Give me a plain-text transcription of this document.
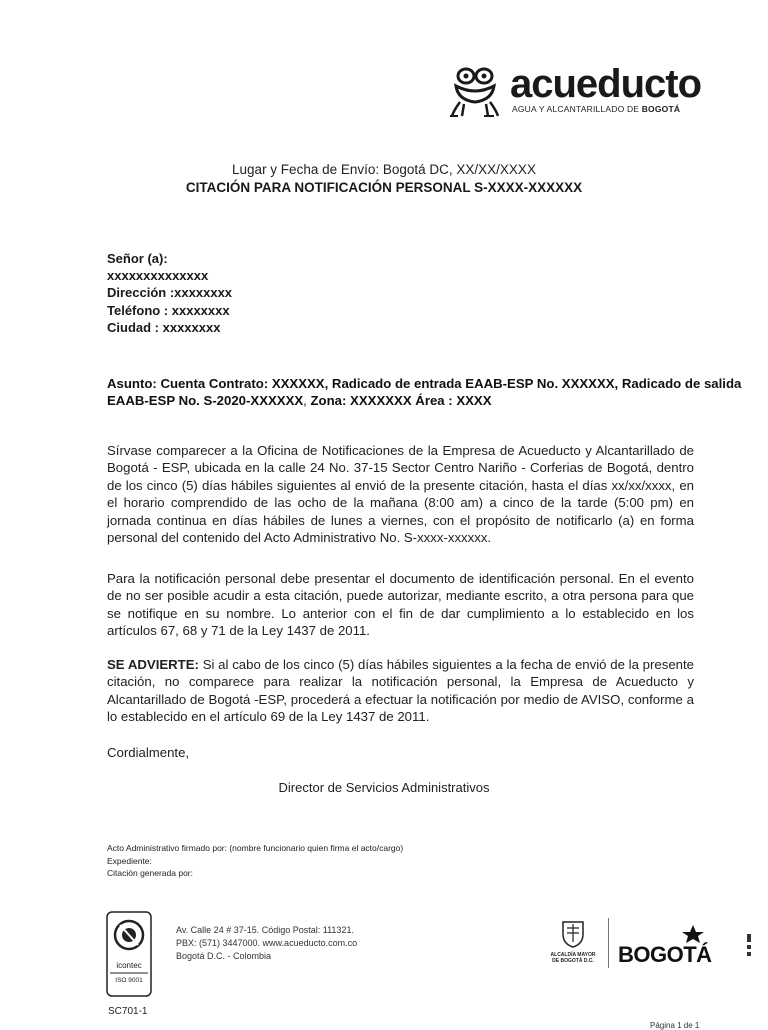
acueducto
AGUA Y ALCANTARILLADO DE BOGOTÁ
Lugar y Fecha de Envío: Bogotá DC, XX/XX/XXXX
CITACIÓN PARA NOTIFICACIÓN PERSONAL S-XXXX-XXXXXX
Señor (a):
xxxxxxxxxxxxxx
Dirección :xxxxxxxx
Teléfono : xxxxxxxx
Ciudad : xxxxxxxx
Asunto: Cuenta Contrato: XXXXXX, Radicado de entrada EAAB-ESP No. XXXXXX, Radicado de salida
EAAB-ESP No. S-2020-XXXXXX, Zona: XXXXXXX Área : XXXX
Sírvase comparecer a la Oficina de Notificaciones de la Empresa de Acueducto y Alcantarillado de Bogotá - ESP, ubicada en la calle 24 No. 37-15 Sector Centro Nariño - Corferias de Bogotá, dentro de los cinco (5) días hábiles siguientes al envió de la presente citación, hasta el días xx/xx/xxxx, en el horario comprendido de las ocho de la mañana (8:00 am) a cinco de la tarde (5:00 pm) en jornada continua en días hábiles de lunes a viernes, con el propósito de notificarlo (a) en forma personal del contenido del Acto Administrativo No. S-xxxx-xxxxxx.
Para la notificación personal debe presentar el documento de identificación personal. En el evento de no ser posible acudir a esta citación, puede autorizar, mediante escrito, a otra persona para que se notifique en su nombre. Lo anterior con el fin de dar cumplimiento a lo establecido en los artículos 67, 68 y 71 de la Ley 1437 de 2011.
SE ADVIERTE: Si al cabo de los cinco (5) días hábiles siguientes a la fecha de envió de la presente citación, no comparece para realizar la notificación personal, la Empresa de Acueducto y Alcantarillado de Bogotá -ESP, procederá a efectuar la notificación por medio de AVISO, conforme a lo establecido en el artículo 69 de la Ley 1437 de 2011.
Cordialmente,
Director de Servicios Administrativos
Acto Administrativo firmado por: (nombre funcionario quien firma el acto/cargo)
Expediente:
Citación generada por:
icontec
ISO 9001
SC701-1
Av. Calle 24 # 37-15. Código Postal: 111321.
PBX: (571) 3447000. www.acueducto.com.co
Bogotá D.C. - Colombia	ALCALDÍA MAYOR
DE BOGOTÁ D.C. BOGOTÁ
Página 1 de 1
